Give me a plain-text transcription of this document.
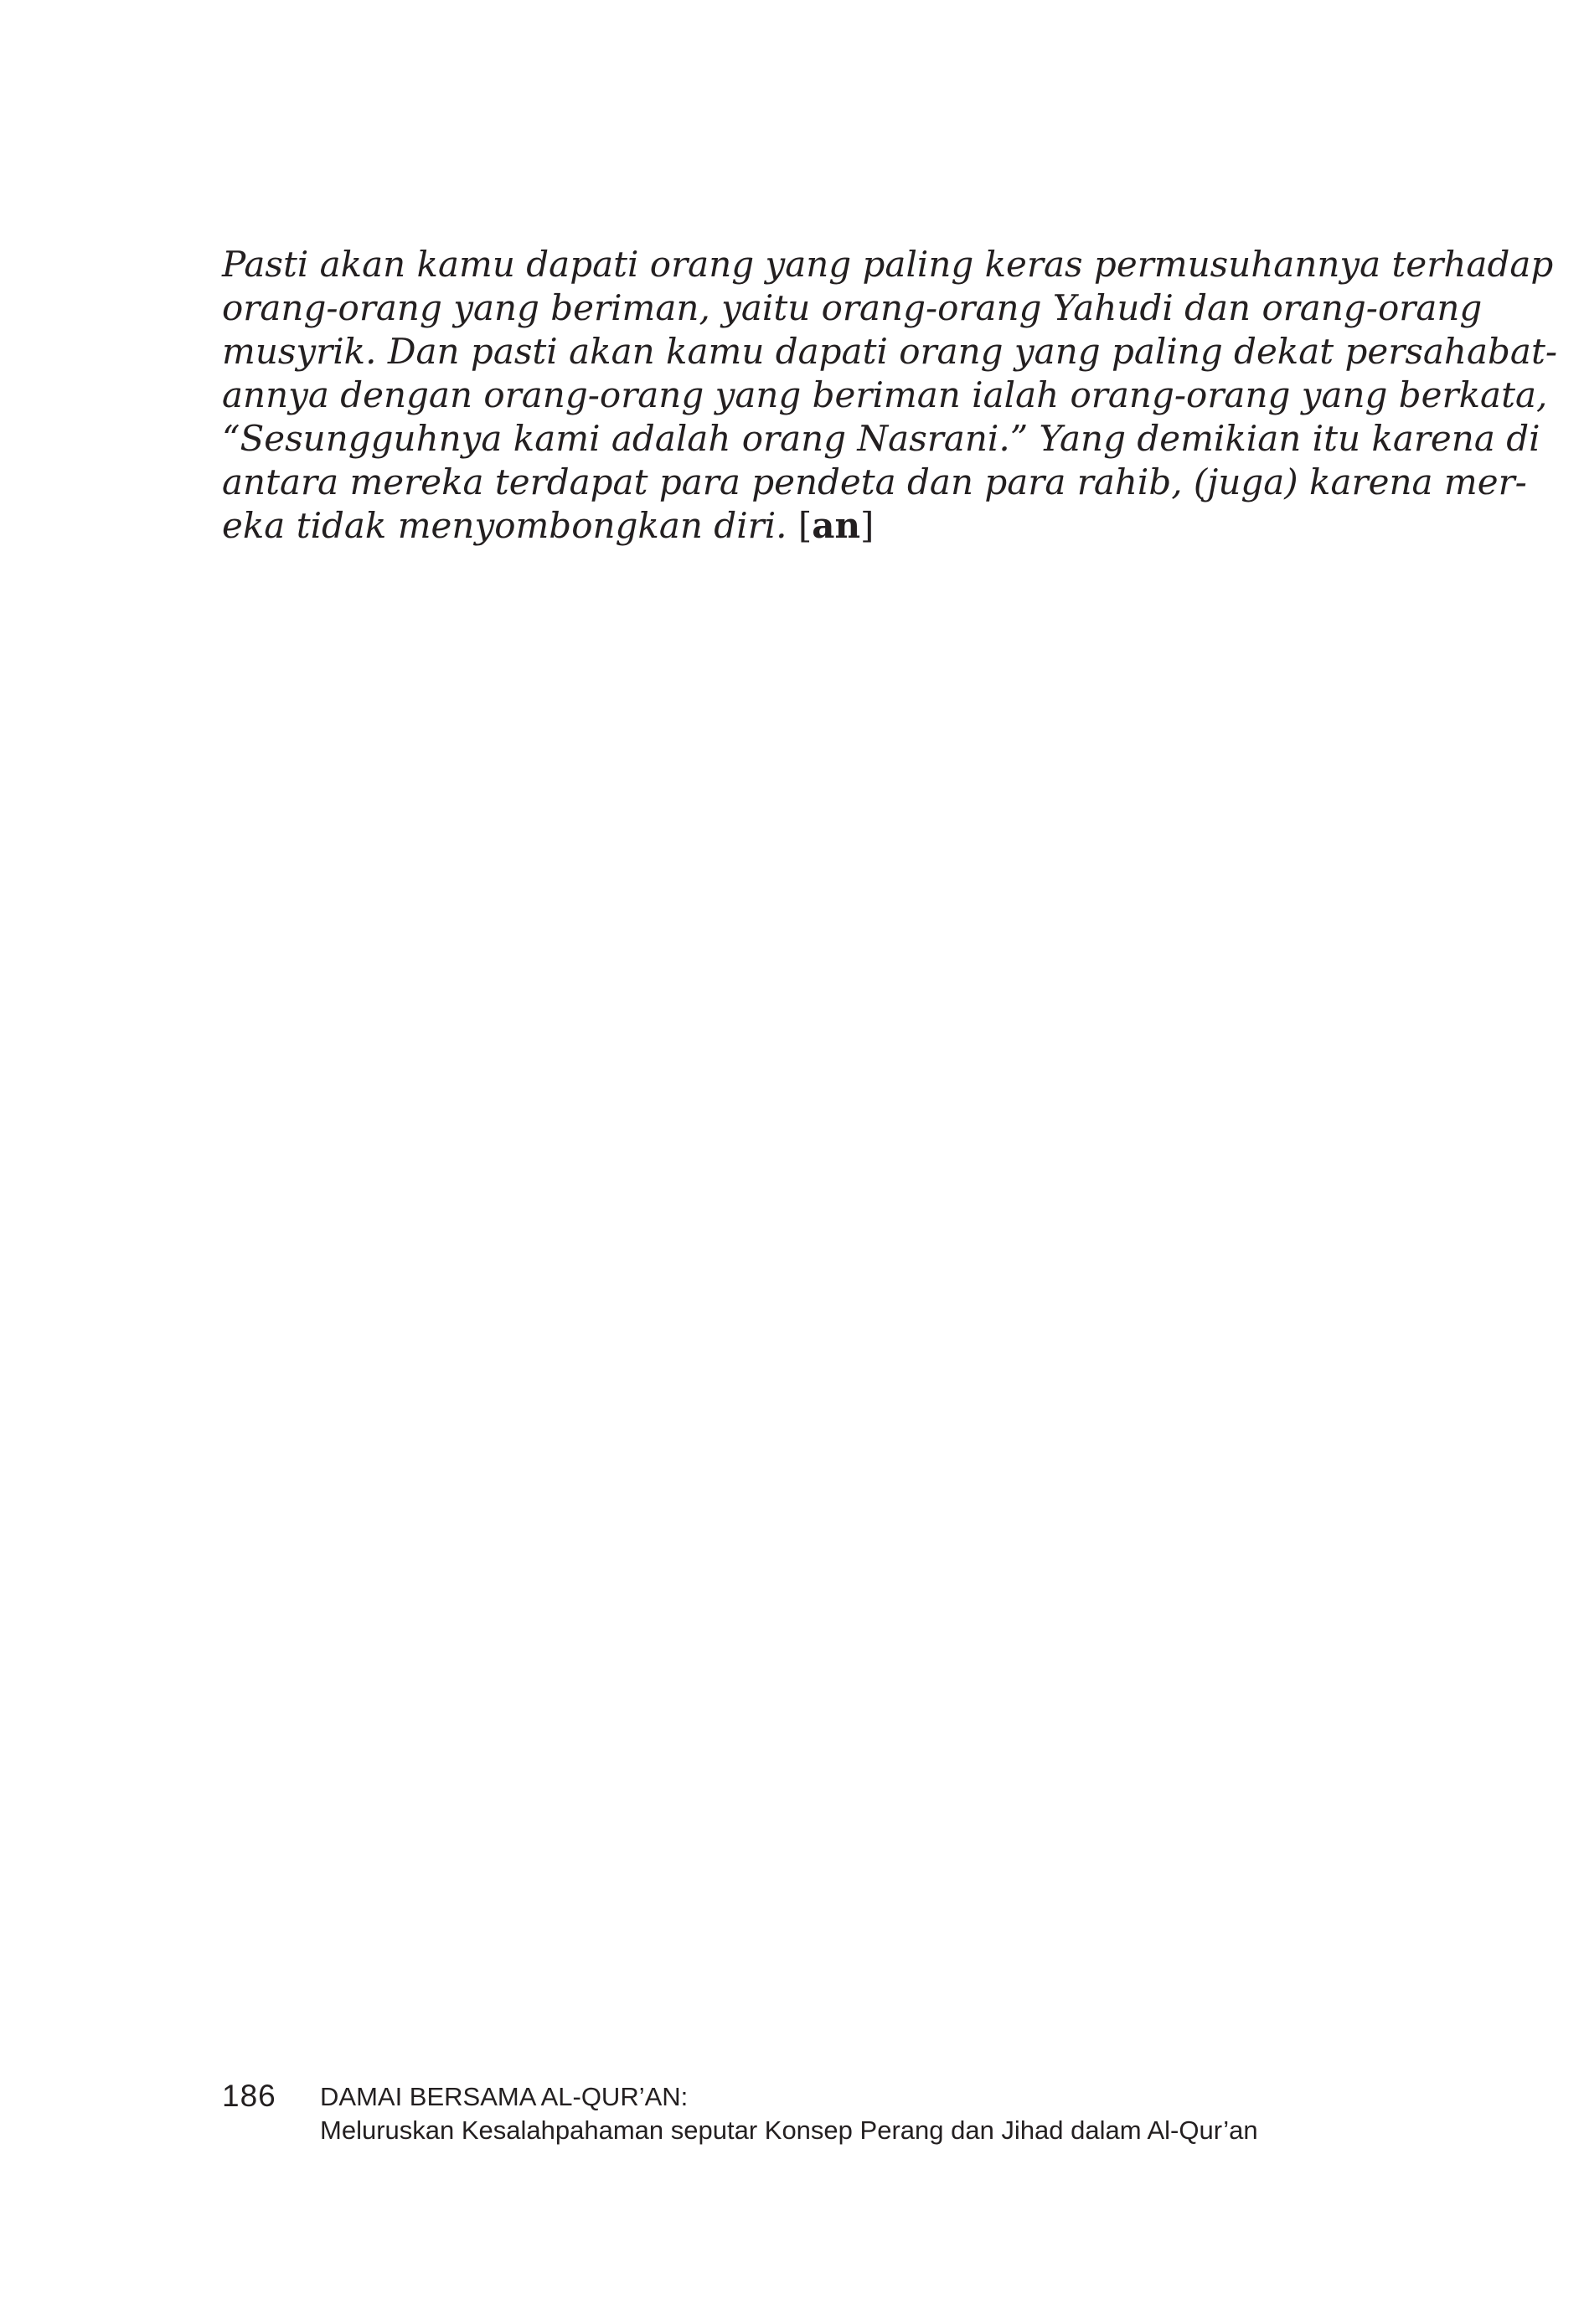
Pasti akan kamu dapati orang yang paling keras permusuhannya terhadap
orang-orang yang beriman, yaitu orang-orang Yahudi dan orang-orang
musyrik. Dan pasti akan kamu dapati orang yang paling dekat persahabat-
annya dengan orang-orang yang beriman ialah orang-orang yang berkata,
“Sesungguhnya kami adalah orang Nasrani.” Yang demikian itu karena di
antara mereka terdapat para pendeta dan para rahib, (juga) karena mer-
eka tidak menyombongkan diri. [an]
186 DAMAI BERSAMA AL-QUR’AN:
Meluruskan Kesalahpahaman seputar Konsep Perang dan Jihad dalam Al-Qur’an
